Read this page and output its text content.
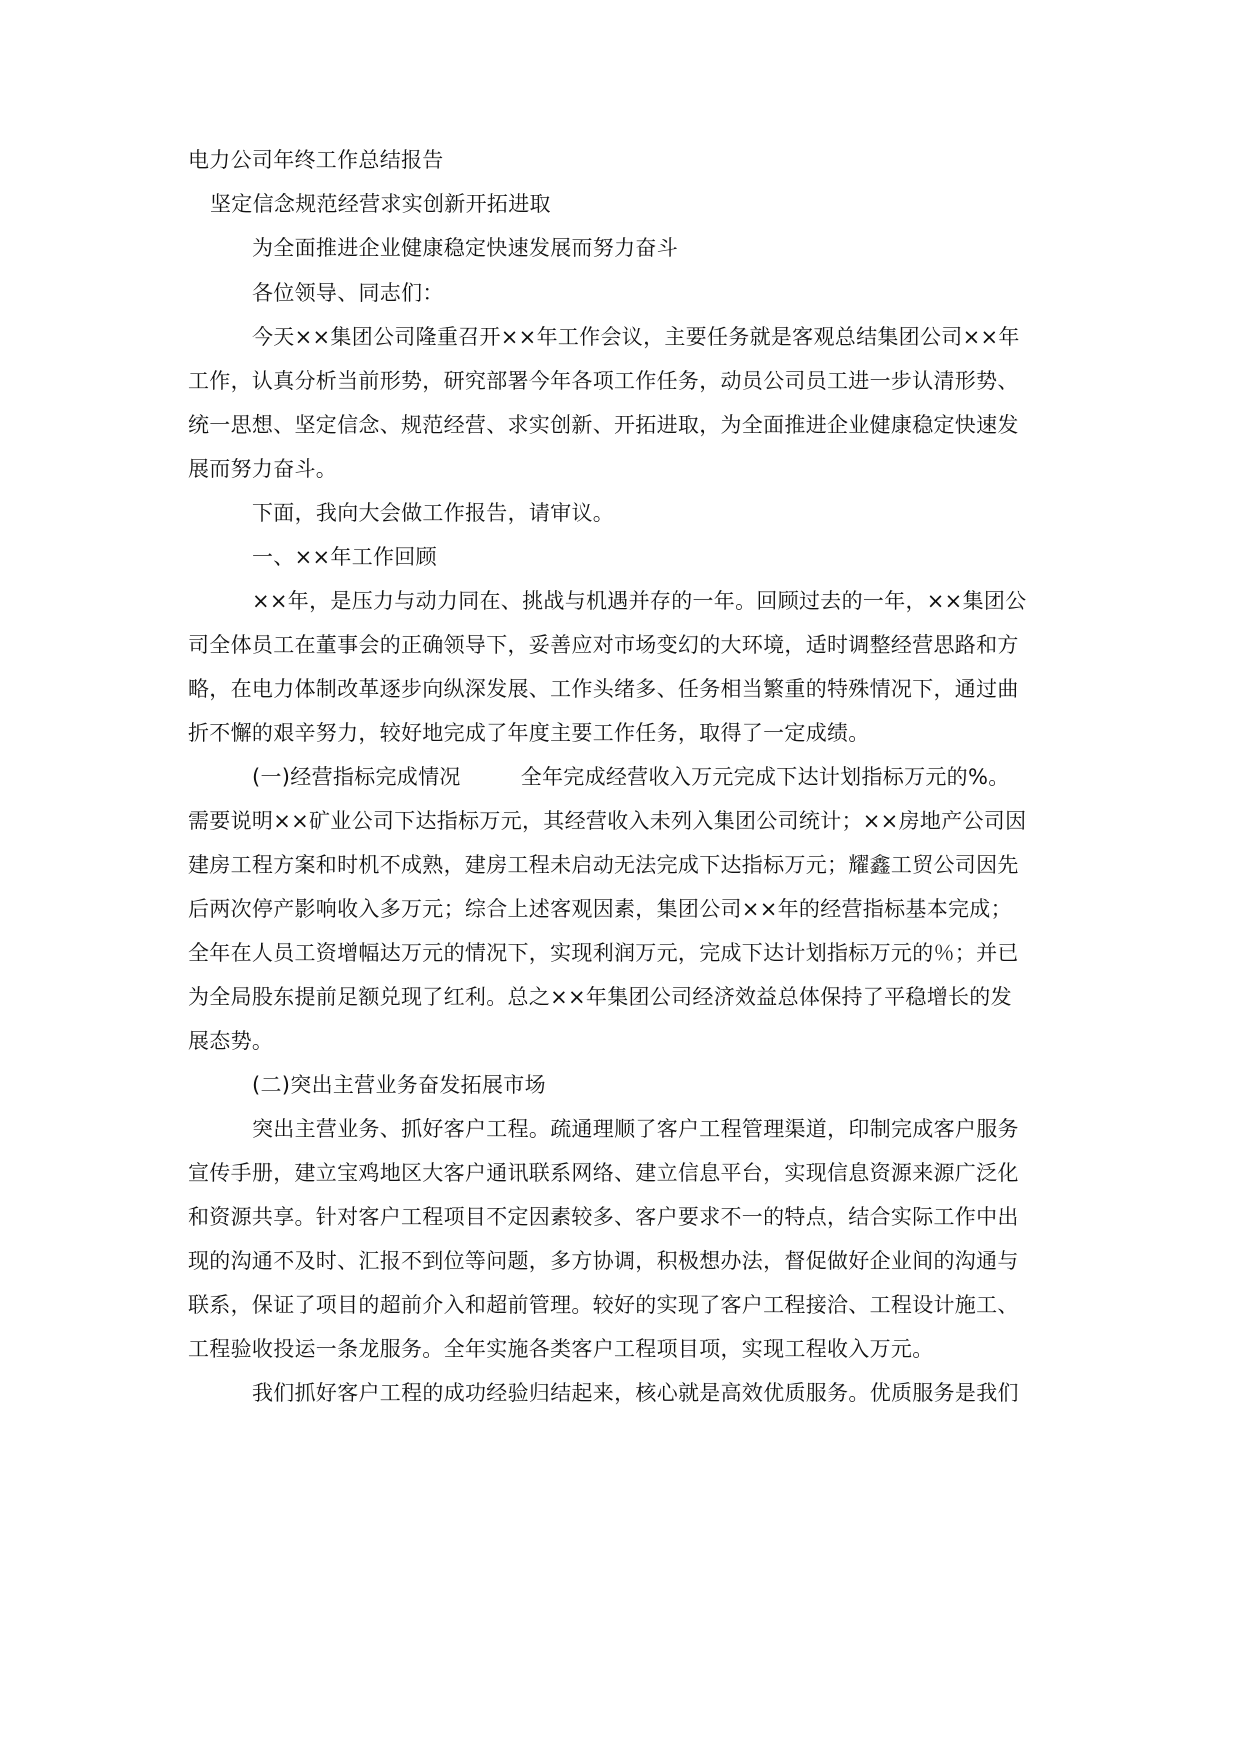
电力公司年终工作总结报告
坚定信念规范经营求实创新开拓进取
为全面推进企业健康稳定快速发展而努力奋斗
各位领导、同志们：
今天××集团公司隆重召开××年工作会议，主要任务就是客观总结集团公司××年
工作，认真分析当前形势，研究部署今年各项工作任务，动员公司员工进一步认清形势、
统一思想、坚定信念、规范经营、求实创新、开拓进取，为全面推进企业健康稳定快速发
展而努力奋斗。
下面，我向大会做工作报告，请审议。
一、××年工作回顾
××年，是压力与动力同在、挑战与机遇并存的一年。回顾过去的一年，××集团公
司全体员工在董事会的正确领导下，妥善应对市场变幻的大环境，适时调整经营思路和方
略，在电力体制改革逐步向纵深发展、工作头绪多、任务相当繁重的特殊情况下，通过曲
折不懈的艰辛努力，较好地完成了年度主要工作任务，取得了一定成绩。
(一)经营指标完成情况	全年完成经营收入万元完成下达计划指标万元的%。
需要说明××矿业公司下达指标万元，其经营收入未列入集团公司统计；××房地产公司因
建房工程方案和时机不成熟，建房工程未启动无法完成下达指标万元；耀鑫工贸公司因先
后两次停产影响收入多万元；综合上述客观因素，集团公司××年的经营指标基本完成；
全年在人员工资增幅达万元的情况下，实现利润万元，完成下达计划指标万元的％；并已
为全局股东提前足额兑现了红利。总之××年集团公司经济效益总体保持了平稳增长的发
展态势。
(二)突出主营业务奋发拓展市场
突出主营业务、抓好客户工程。疏通理顺了客户工程管理渠道，印制完成客户服务
宣传手册，建立宝鸡地区大客户通讯联系网络、建立信息平台，实现信息资源来源广泛化
和资源共享。针对客户工程项目不定因素较多、客户要求不一的特点，结合实际工作中出
现的沟通不及时、汇报不到位等问题，多方协调，积极想办法，督促做好企业间的沟通与
联系，保证了项目的超前介入和超前管理。较好的实现了客户工程接洽、工程设计施工、
工程验收投运一条龙服务。全年实施各类客户工程项目项，实现工程收入万元。
我们抓好客户工程的成功经验归结起来，核心就是高效优质服务。优质服务是我们
